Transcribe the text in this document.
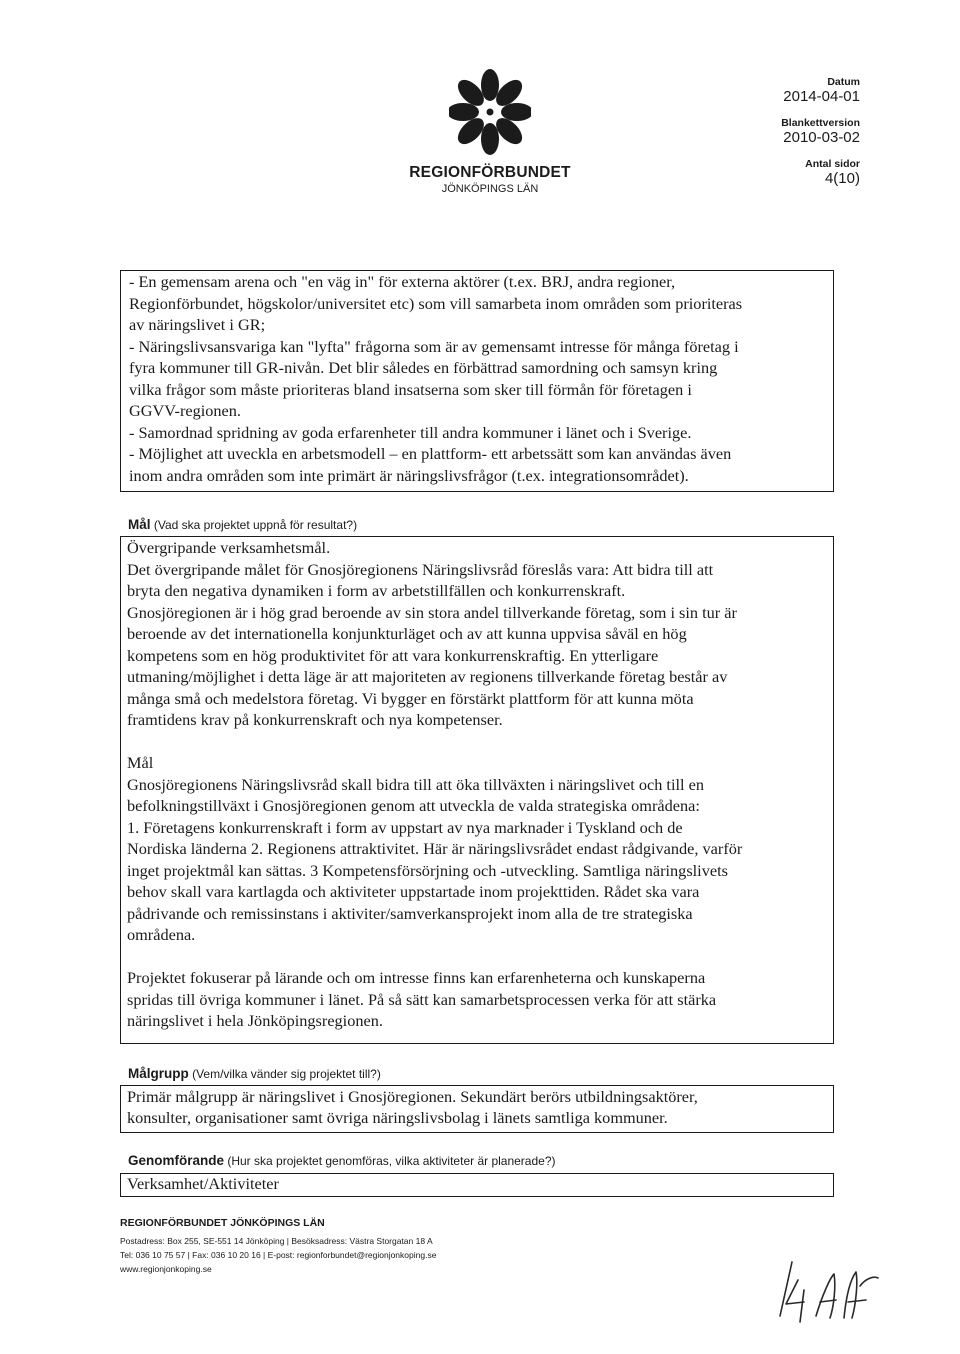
REGIONFÖRBUNDET
JÖNKÖPINGS LÄN
Datum
2014-04-01
Blankettversion
2010-03-02
Antal sidor
4(10)
- En gemensam arena och "en väg in" för externa aktörer (t.ex. BRJ, andra regioner,
Regionförbundet, högskolor/universitet etc) som vill samarbeta inom områden som prioriteras
av näringslivet i GR;
- Näringslivsansvariga kan "lyfta" frågorna som är av gemensamt intresse för många företag i
fyra kommuner till GR-nivån. Det blir således en förbättrad samordning och samsyn kring
vilka frågor som måste prioriteras bland insatserna som sker till förmån för företagen i
GGVV-regionen.
- Samordnad spridning av goda erfarenheter till andra kommuner i länet och i Sverige.
- Möjlighet att uveckla en arbetsmodell – en plattform- ett arbetssätt som kan användas även
inom andra områden som inte primärt är näringslivsfrågor (t.ex. integrationsområdet).
Mål (Vad ska projektet uppnå för resultat?)
Övergripande verksamhetsmål.
Det övergripande målet för Gnosjöregionens Näringslivsråd föreslås vara: Att bidra till att
bryta den negativa dynamiken i form av arbetstillfällen och konkurrenskraft.
Gnosjöregionen är i hög grad beroende av sin stora andel tillverkande företag, som i sin tur är
beroende av det internationella konjunkturläget och av att kunna uppvisa såväl en hög
kompetens som en hög produktivitet för att vara konkurrenskraftig. En ytterligare
utmaning/möjlighet i detta läge är att majoriteten av regionens tillverkande företag består av
många små och medelstora företag. Vi bygger en förstärkt plattform för att kunna möta
framtidens krav på konkurrenskraft och nya kompetenser.
Mål
Gnosjöregionens Näringslivsråd skall bidra till att öka tillväxten i näringslivet och till en
befolkningstillväxt i Gnosjöregionen genom att utveckla de valda strategiska områdena:
1. Företagens konkurrenskraft i form av uppstart av nya marknader i Tyskland och de
Nordiska länderna 2. Regionens attraktivitet. Här är näringslivsrådet endast rådgivande, varför
inget projektmål kan sättas. 3 Kompetensförsörjning och -utveckling. Samtliga näringslivets
behov skall vara kartlagda och aktiviteter uppstartade inom projekttiden. Rådet ska vara
pådrivande och remissinstans i aktiviter/samverkansprojekt inom alla de tre strategiska
områdena.
Projektet fokuserar på lärande och om intresse finns kan erfarenheterna och kunskaperna
spridas till övriga kommuner i länet. På så sätt kan samarbetsprocessen verka för att stärka
näringslivet i hela Jönköpingsregionen.
Målgrupp (Vem/vilka vänder sig projektet till?)
Primär målgrupp är näringslivet i Gnosjöregionen. Sekundärt berörs utbildningsaktörer,
konsulter, organisationer samt övriga näringslivsbolag i länets samtliga kommuner.
Genomförande (Hur ska projektet genomföras, vilka aktiviteter är planerade?)
Verksamhet/Aktiviteter
REGIONFÖRBUNDET JÖNKÖPINGS LÄN
Postadress: Box 255, SE-551 14 Jönköping | Besöksadress: Västra Storgatan 18 A
Tel: 036 10 75 57 | Fax: 036 10 20 16 | E-post: regionforbundet@regionjonkoping.se
www.regionjonkoping.se
